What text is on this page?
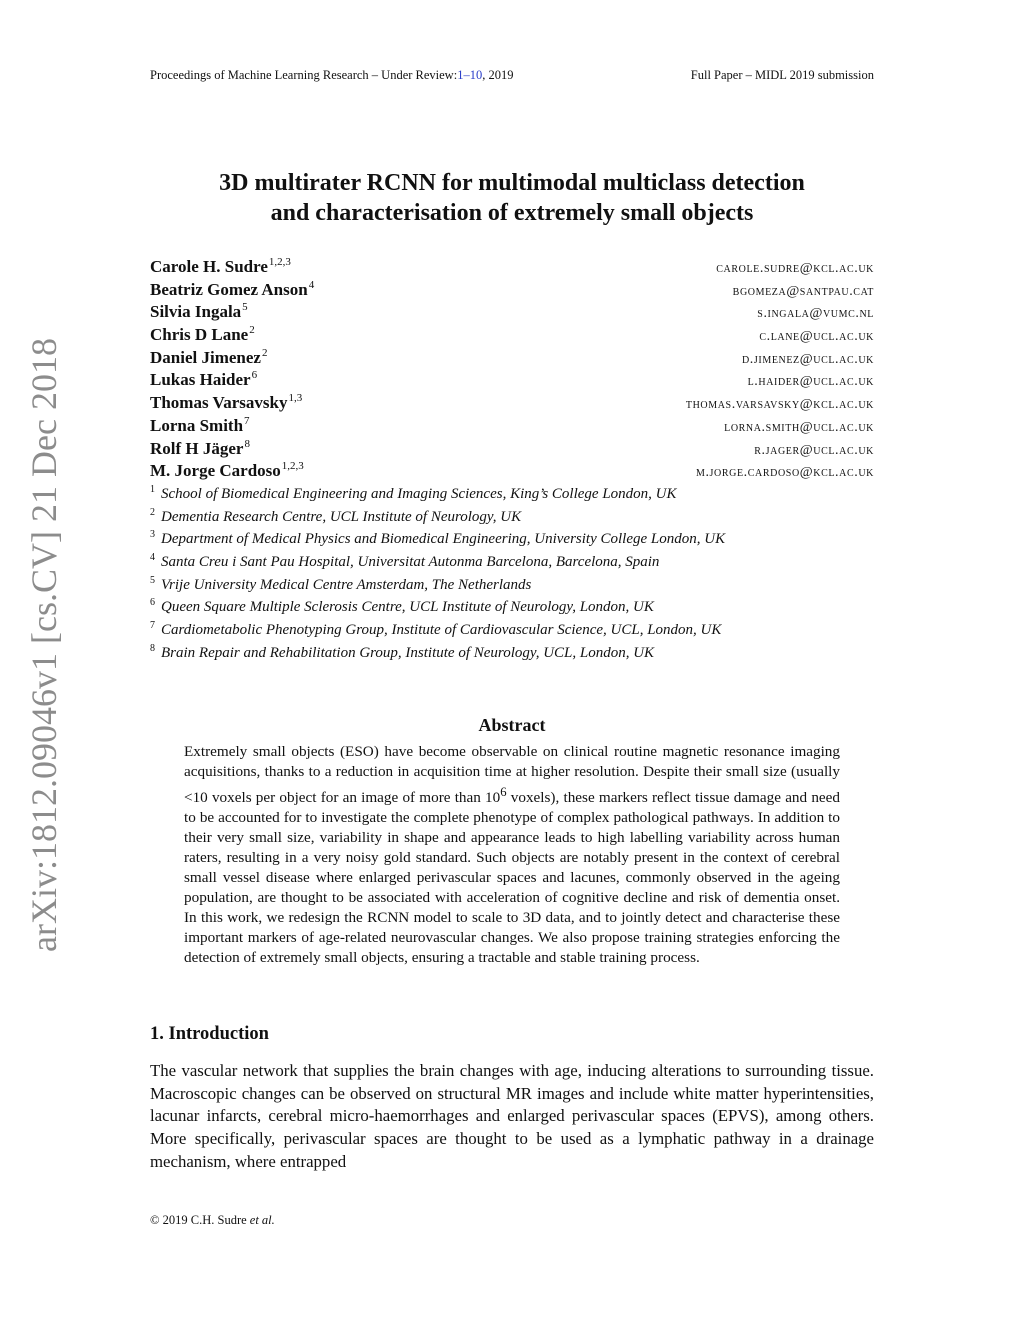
Proceedings of Machine Learning Research – Under Review:1–10, 2019	Full Paper – MIDL 2019 submission
arXiv:1812.09046v1 [cs.CV] 21 Dec 2018
3D multirater RCNN for multimodal multiclass detection
and characterisation of extremely small objects
Carole H. Sudre$^{1,2,3}$	carole.sudre@kcl.ac.uk
Beatriz Gomez Anson$^4$	bgomeza@santpau.cat
Silvia Ingala$^5$	s.ingala@vumc.nl
Chris D Lane$^2$	c.lane@ucl.ac.uk
Daniel Jimenez$^2$	d.jimenez@ucl.ac.uk
Lukas Haider$^6$	l.haider@ucl.ac.uk
Thomas Varsavsky$^{1,3}$	thomas.varsavsky@kcl.ac.uk
Lorna Smith$^7$	lorna.smith@ucl.ac.uk
Rolf H Jäger$^8$	r.jager@ucl.ac.uk
M. Jorge Cardoso$^{1,2,3}$	m.jorge.cardoso@kcl.ac.uk
$^1$ School of Biomedical Engineering and Imaging Sciences, King’s College London, UK
$^2$ Dementia Research Centre, UCL Institute of Neurology, UK
$^3$ Department of Medical Physics and Biomedical Engineering, University College London, UK
$^4$ Santa Creu i Sant Pau Hospital, Universitat Autonma Barcelona, Barcelona, Spain
$^5$ Vrije University Medical Centre Amsterdam, The Netherlands
$^6$ Queen Square Multiple Sclerosis Centre, UCL Institute of Neurology, London, UK
$^7$ Cardiometabolic Phenotyping Group, Institute of Cardiovascular Science, UCL, London, UK
$^8$ Brain Repair and Rehabilitation Group, Institute of Neurology, UCL, London, UK
Abstract

Extremely small objects (ESO) have become observable on clinical routine magnetic resonance imaging acquisitions, thanks to a reduction in acquisition time at higher resolution. Despite their small size (usually <10 voxels per object for an image of more than $10^6$ voxels), these markers reflect tissue damage and need to be accounted for to investigate the complete phenotype of complex pathological pathways. In addition to their very small size, variability in shape and appearance leads to high labelling variability across human raters, resulting in a very noisy gold standard. Such objects are notably present in the context of cerebral small vessel disease where enlarged perivascular spaces and lacunes, commonly observed in the ageing population, are thought to be associated with acceleration of cognitive decline and risk of dementia onset. In this work, we redesign the RCNN model to scale to 3D data, and to jointly detect and characterise these important markers of age-related neurovascular changes. We also propose training strategies enforcing the detection of extremely small objects, ensuring a tractable and stable training process.

1. Introduction

The vascular network that supplies the brain changes with age, inducing alterations to surrounding tissue. Macroscopic changes can be observed on structural MR images and include white matter hyperintensities, lacunar infarcts, cerebral micro-haemorrhages and enlarged perivascular spaces (EPVS), among others. More specifically, perivascular spaces are thought to be used as a lymphatic pathway in a drainage mechanism, where entrapped

© 2019 C.H. Sudre et al.
